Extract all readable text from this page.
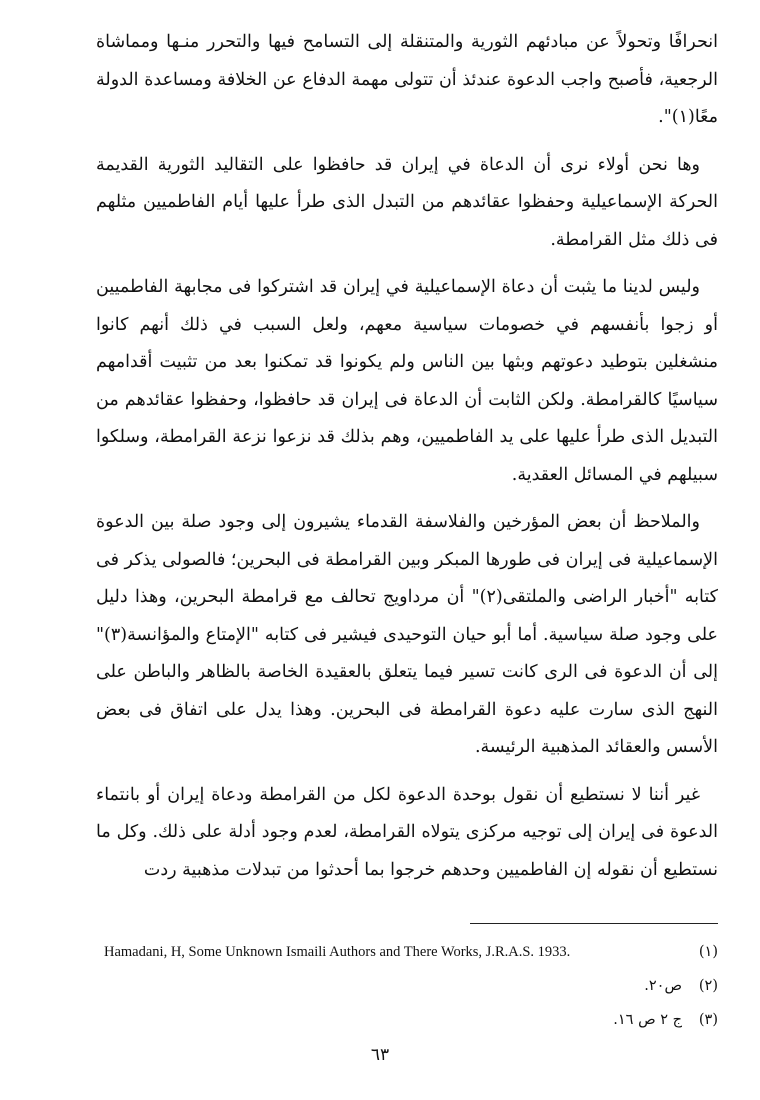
انحرافًا وتحولاً عن مبادئهم الثورية والمتنقلة إلى التسامح فيها والتحرر منـها ومماشاة الرجعية، فأصبح واجب الدعوة عندئذ أن تتولى مهمة الدفاع عن الخلافة ومساعدة الدولة معًا(١)".

وها نحن أولاء نرى أن الدعاة في إيران قد حافظوا على التقاليد الثورية القديمة الحركة الإسماعيلية وحفظوا عقائدهم من التبدل الذى طرأ عليها أيام الفاطميين مثلهم فى ذلك مثل القرامطة.

وليس لدينا ما يثبت أن دعاة الإسماعيلية في إيران قد اشتركوا فى مجابهة الفاطميين أو زجوا بأنفسهم في خصومات سياسية معهم، ولعل السبب في ذلك أنهم كانوا منشغلين بتوطيد دعوتهم وبثها بين الناس ولم يكونوا قد تمكنوا بعد من تثبيت أقدامهم سياسيًا كالقرامطة. ولكن الثابت أن الدعاة فى إيران قد حافظوا، وحفظوا عقائدهم من التبديل الذى طرأ عليها على يد الفاطميين، وهم بذلك قد نزعوا نزعة القرامطة، وسلكوا سبيلهم في المسائل العقدية.

والملاحظ أن بعض المؤرخين والفلاسفة القدماء يشيرون إلى وجود صلة بين الدعوة الإسماعيلية فى إيران فى طورها المبكر وبين القرامطة فى البحرين؛ فالصولى يذكر فى كتابه "أخبار الراضى والملتقى(٢)" أن مرداويج تحالف مع قرامطة البحرين، وهذا دليل على وجود صلة سياسية. أما أبو حيان التوحيدى فيشير فى كتابه "الإمتاع والمؤانسة(٣)" إلى أن الدعوة فى الرى كانت تسير فيما يتعلق بالعقيدة الخاصة بالظاهر والباطن على النهج الذى سارت عليه دعوة القرامطة فى البحرين. وهذا يدل على اتفاق فى بعض الأسس والعقائد المذهبية الرئيسة.

غير أننا لا نستطيع أن نقول بوحدة الدعوة لكل من القرامطة ودعاة إيران أو بانتماء الدعوة فى إيران إلى توجيه مركزى يتولاه القرامطة، لعدم وجود أدلة على ذلك. وكل ما نستطيع أن نقوله إن الفاطميين وحدهم خرجوا بما أحدثوا من تبدلات مذهبية ردت

(١)
Hamadani, H, Some Unknown Ismaili Authors and There Works, J.R.A.S. 1933.
(٢)
ص٢٠.
(٣)
ج ٢ ص ١٦.
٦٣
